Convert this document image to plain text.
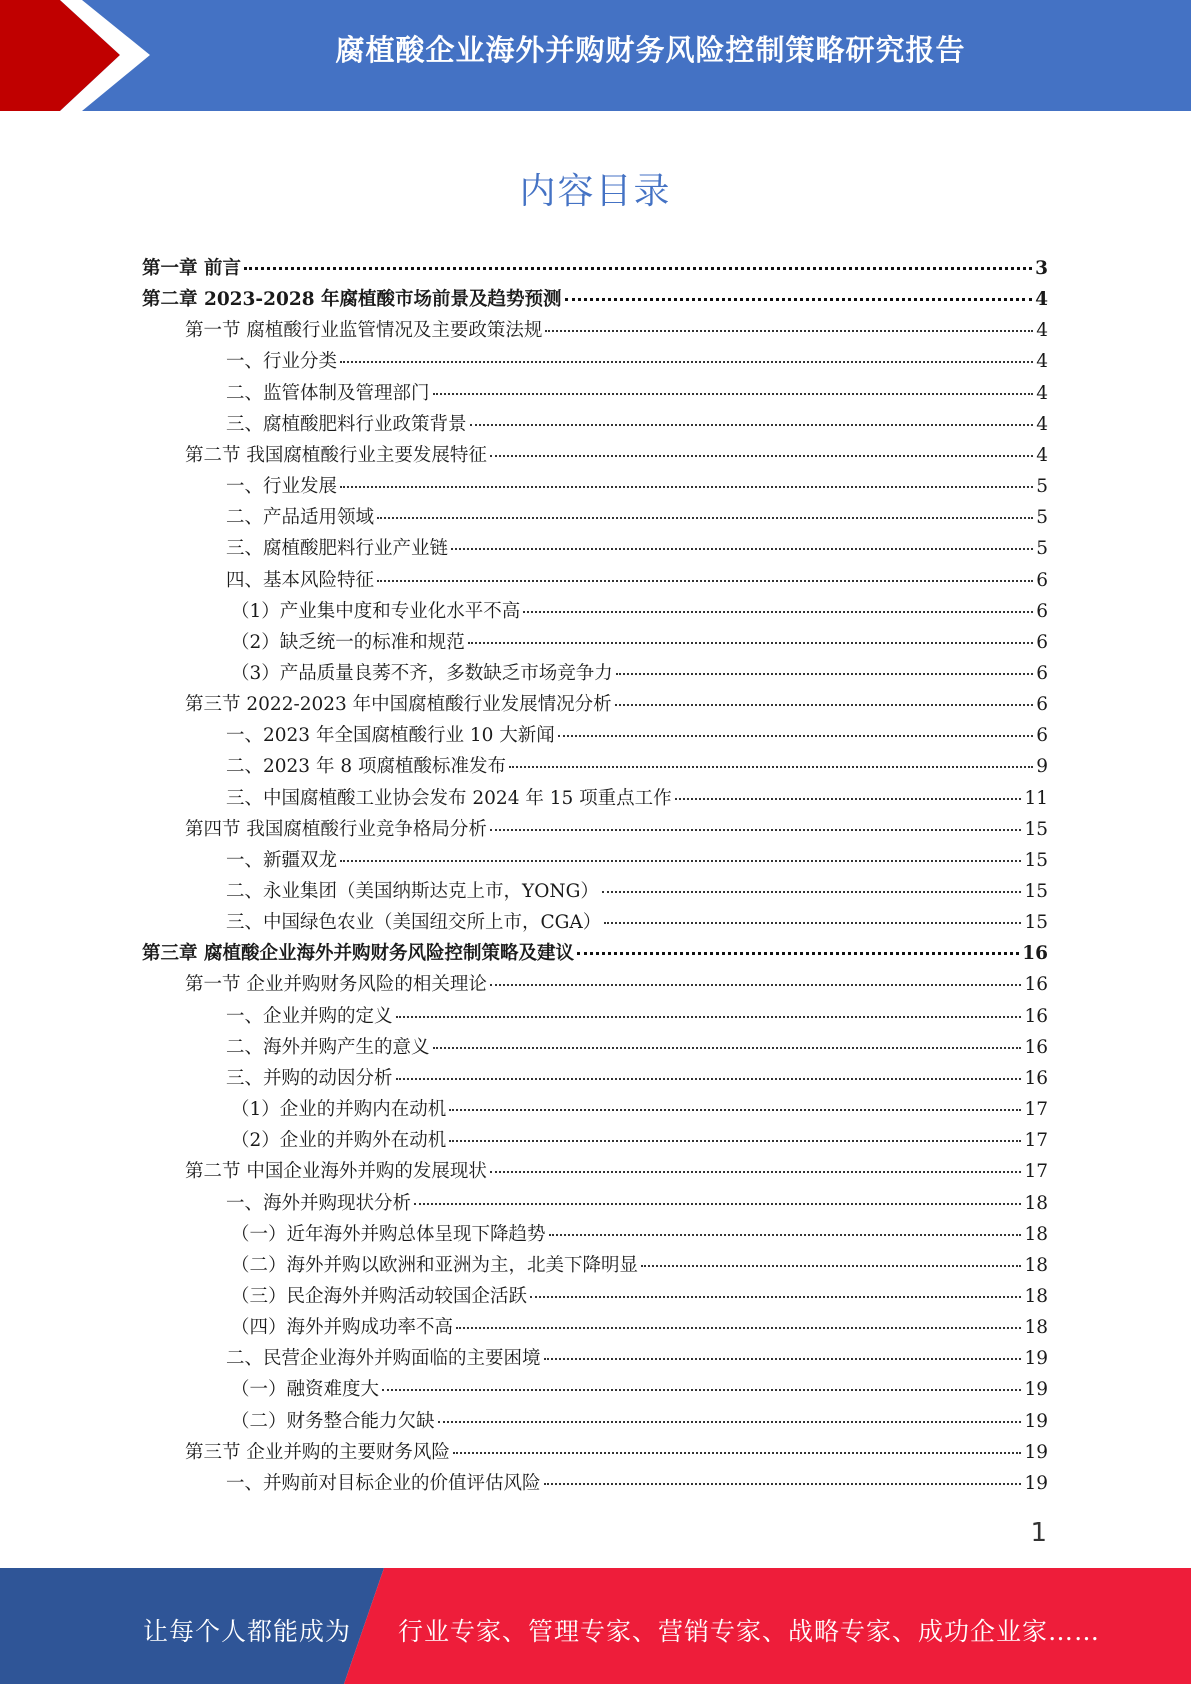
腐植酸企业海外并购财务风险控制策略研究报告
内容目录
第一章 前言	3
第二章 2023-2028 年腐植酸市场前景及趋势预测	4
第一节 腐植酸行业监管情况及主要政策法规	4
一、行业分类	4
二、监管体制及管理部门	4
三、腐植酸肥料行业政策背景	4
第二节 我国腐植酸行业主要发展特征	4
一、行业发展	5
二、产品适用领域	5
三、腐植酸肥料行业产业链	5
四、基本风险特征	6
（1）产业集中度和专业化水平不高	6
（2）缺乏统一的标准和规范	6
（3）产品质量良莠不齐，多数缺乏市场竞争力	6
第三节 2022-2023 年中国腐植酸行业发展情况分析	6
一、2023 年全国腐植酸行业 10 大新闻	6
二、2023 年 8 项腐植酸标准发布	9
三、中国腐植酸工业协会发布 2024 年 15 项重点工作	11
第四节 我国腐植酸行业竞争格局分析	15
一、新疆双龙	15
二、永业集团（美国纳斯达克上市，YONG）	15
三、中国绿色农业（美国纽交所上市，CGA）	15
第三章 腐植酸企业海外并购财务风险控制策略及建议	16
第一节 企业并购财务风险的相关理论	16
一、企业并购的定义	16
二、海外并购产生的意义	16
三、并购的动因分析	16
（1）企业的并购内在动机	17
（2）企业的并购外在动机	17
第二节 中国企业海外并购的发展现状	17
一、海外并购现状分析	18
（一）近年海外并购总体呈现下降趋势	18
（二）海外并购以欧洲和亚洲为主，北美下降明显	18
（三）民企海外并购活动较国企活跃	18
（四）海外并购成功率不高	18
二、民营企业海外并购面临的主要困境	19
（一）融资难度大	19
（二）财务整合能力欠缺	19
第三节 企业并购的主要财务风险	19
一、并购前对目标企业的价值评估风险	19
1
让每个人都能成为 行业专家、管理专家、营销专家、战略专家、成功企业家……
